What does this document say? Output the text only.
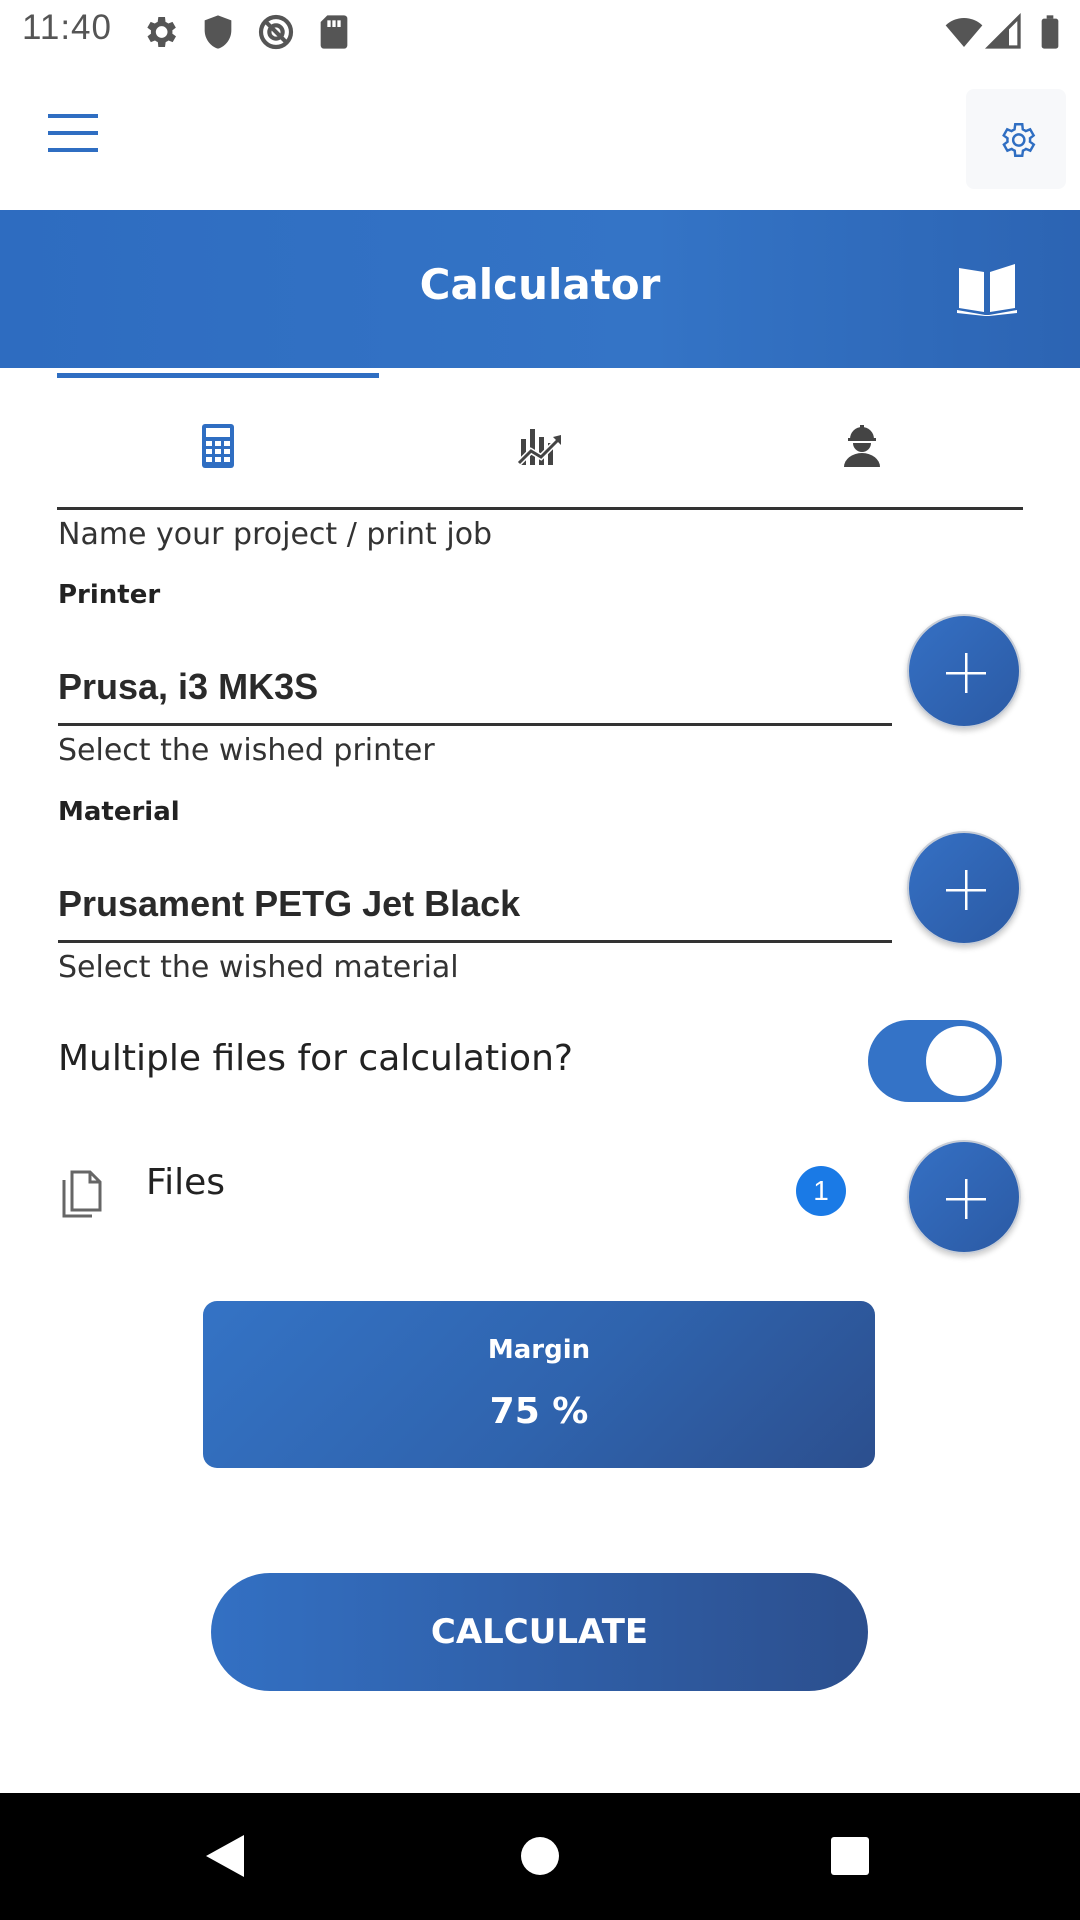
11:40
Calculator
Name your project / print job
Printer
Prusa, i3 MK3S
Select the wished printer
Material
Prusament PETG Jet Black
Select the wished material
Multiple files for calculation?
Files	1
Margin
75 %
CALCULATE
